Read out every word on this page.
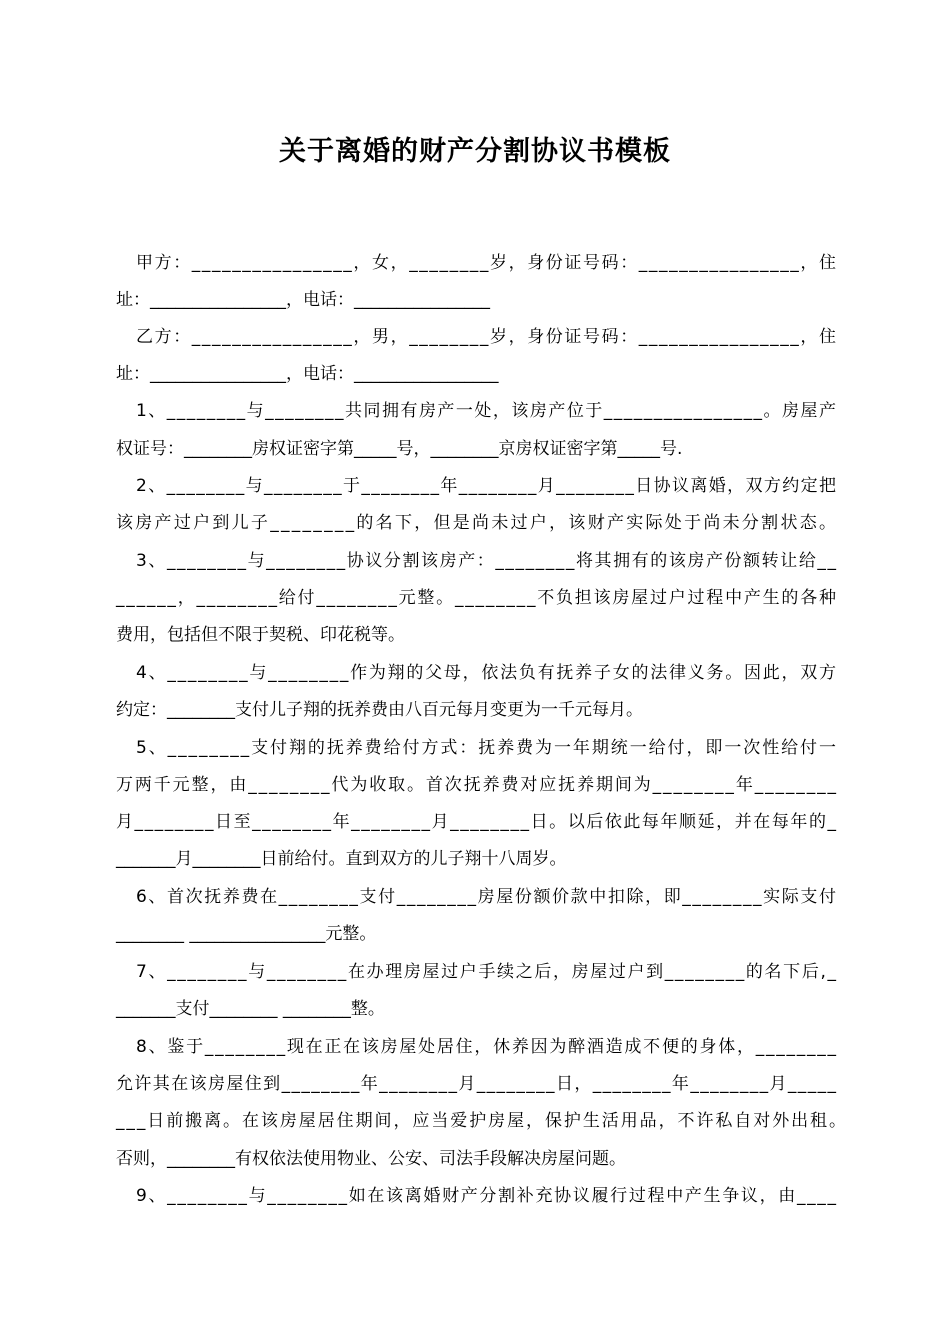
关于离婚的财产分割协议书模板
甲方：________________，女，________岁，身份证号码：________________，住
址：________________，电话：________________
乙方：________________，男，________岁，身份证号码：________________，住
址：________________，电话：_________________
1、________与________共同拥有房产一处，该房产位于________________。房屋产
权证号：________房权证密字第_____号，________京房权证密字第_____号.
2、________与________于________年________月________日协议离婚，双方约定把
该房产过户到儿子________的名下，但是尚未过户，该财产实际处于尚未分割状态。
3、________与________协议分割该房产：________将其拥有的该房产份额转让给__
______，________给付________元整。________不负担该房屋过户过程中产生的各种
费用，包括但不限于契税、印花税等。
4、________与________作为翔的父母，依法负有抚养子女的法律义务。因此，双方
约定：________支付儿子翔的抚养费由八百元每月变更为一千元每月。
5、________支付翔的抚养费给付方式：抚养费为一年期统一给付，即一次性给付一
万两千元整，由________代为收取。首次抚养费对应抚养期间为________年________
月________日至________年________月________日。以后依此每年顺延，并在每年的_
_______月________日前给付。直到双方的儿子翔十八周岁。
6、首次抚养费在________支付________房屋份额价款中扣除，即________实际支付
________ ________________元整。
7、________与________在办理房屋过户手续之后，房屋过户到________的名下后,_
_______支付________ ________整。
8、鉴于________现在正在该房屋处居住，休养因为醉酒造成不便的身体，________
允许其在该房屋住到________年________月________日，________年________月_____
___日前搬离。在该房屋居住期间，应当爱护房屋，保护生活用品，不许私自对外出租。
否则，________有权依法使用物业、公安、司法手段解决房屋问题。
9、________与________如在该离婚财产分割补充协议履行过程中产生争议，由____
